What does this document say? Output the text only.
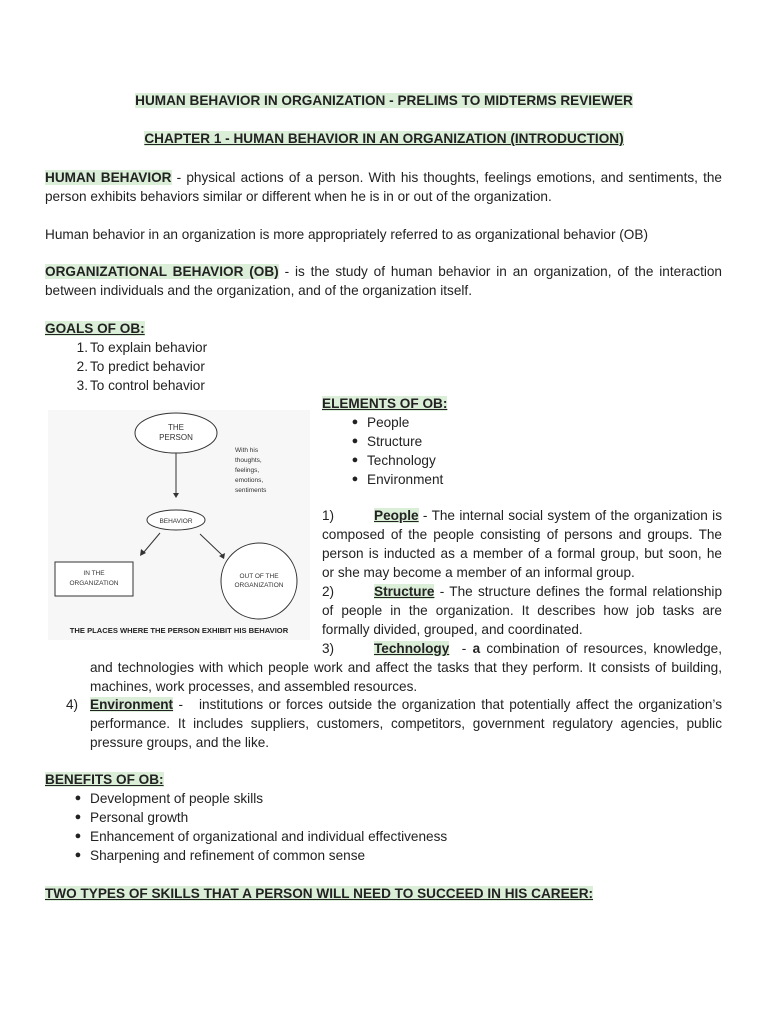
HUMAN BEHAVIOR IN ORGANIZATION - PRELIMS TO MIDTERMS REVIEWER
CHAPTER 1 - HUMAN BEHAVIOR IN AN ORGANIZATION (INTRODUCTION)

HUMAN BEHAVIOR - physical actions of a person. With his thoughts, feelings emotions, and sentiments, the

person exhibits behaviors similar or different when he is in or out of the organization.

Human behavior in an organization is more appropriately referred to as organizational behavior (OB)

ORGANIZATIONAL BEHAVIOR (OB) - is the study of human behavior in an organization, of the interaction

between individuals and the organization, and of the organization itself.

GOALS OF OB:

1. To explain behavior
2. To predict behavior
3. To control behavior
THE
PERSON
With his
thoughts,
feelings,
emotions,
sentiments
BEHAVIOR
IN THE
ORGANIZATION
OUT OF THE
ORGANIZATION
THE PLACES WHERE THE PERSON EXHIBIT HIS BEHAVIOR

ELEMENTS OF OB:

● People
● Structure
● Technology
● Environment

1)	People - The internal social system of the organization is

composed of the people consisting of persons and groups. The

person is inducted as a member of a formal group, but soon, he

or she may become a member of an informal group.

2)	Structure - The structure defines the formal relationship

of people in the organization. It describes how job tasks are

formally divided, grouped, and coordinated.

3)	Technology  - a combination of resources, knowledge,

and technologies with which people work and affect the tasks that they perform. It consists of building,

machines, work processes, and assembled resources.

4) Environment -   institutions or forces outside the organization that potentially affect the organization’s

performance. It includes suppliers, customers, competitors, government regulatory agencies, public

pressure groups, and the like.

BENEFITS OF OB:

● Development of people skills
● Personal growth
● Enhancement of organizational and individual effectiveness
● Sharpening and refinement of common sense

TWO TYPES OF SKILLS THAT A PERSON WILL NEED TO SUCCEED IN HIS CAREER:
